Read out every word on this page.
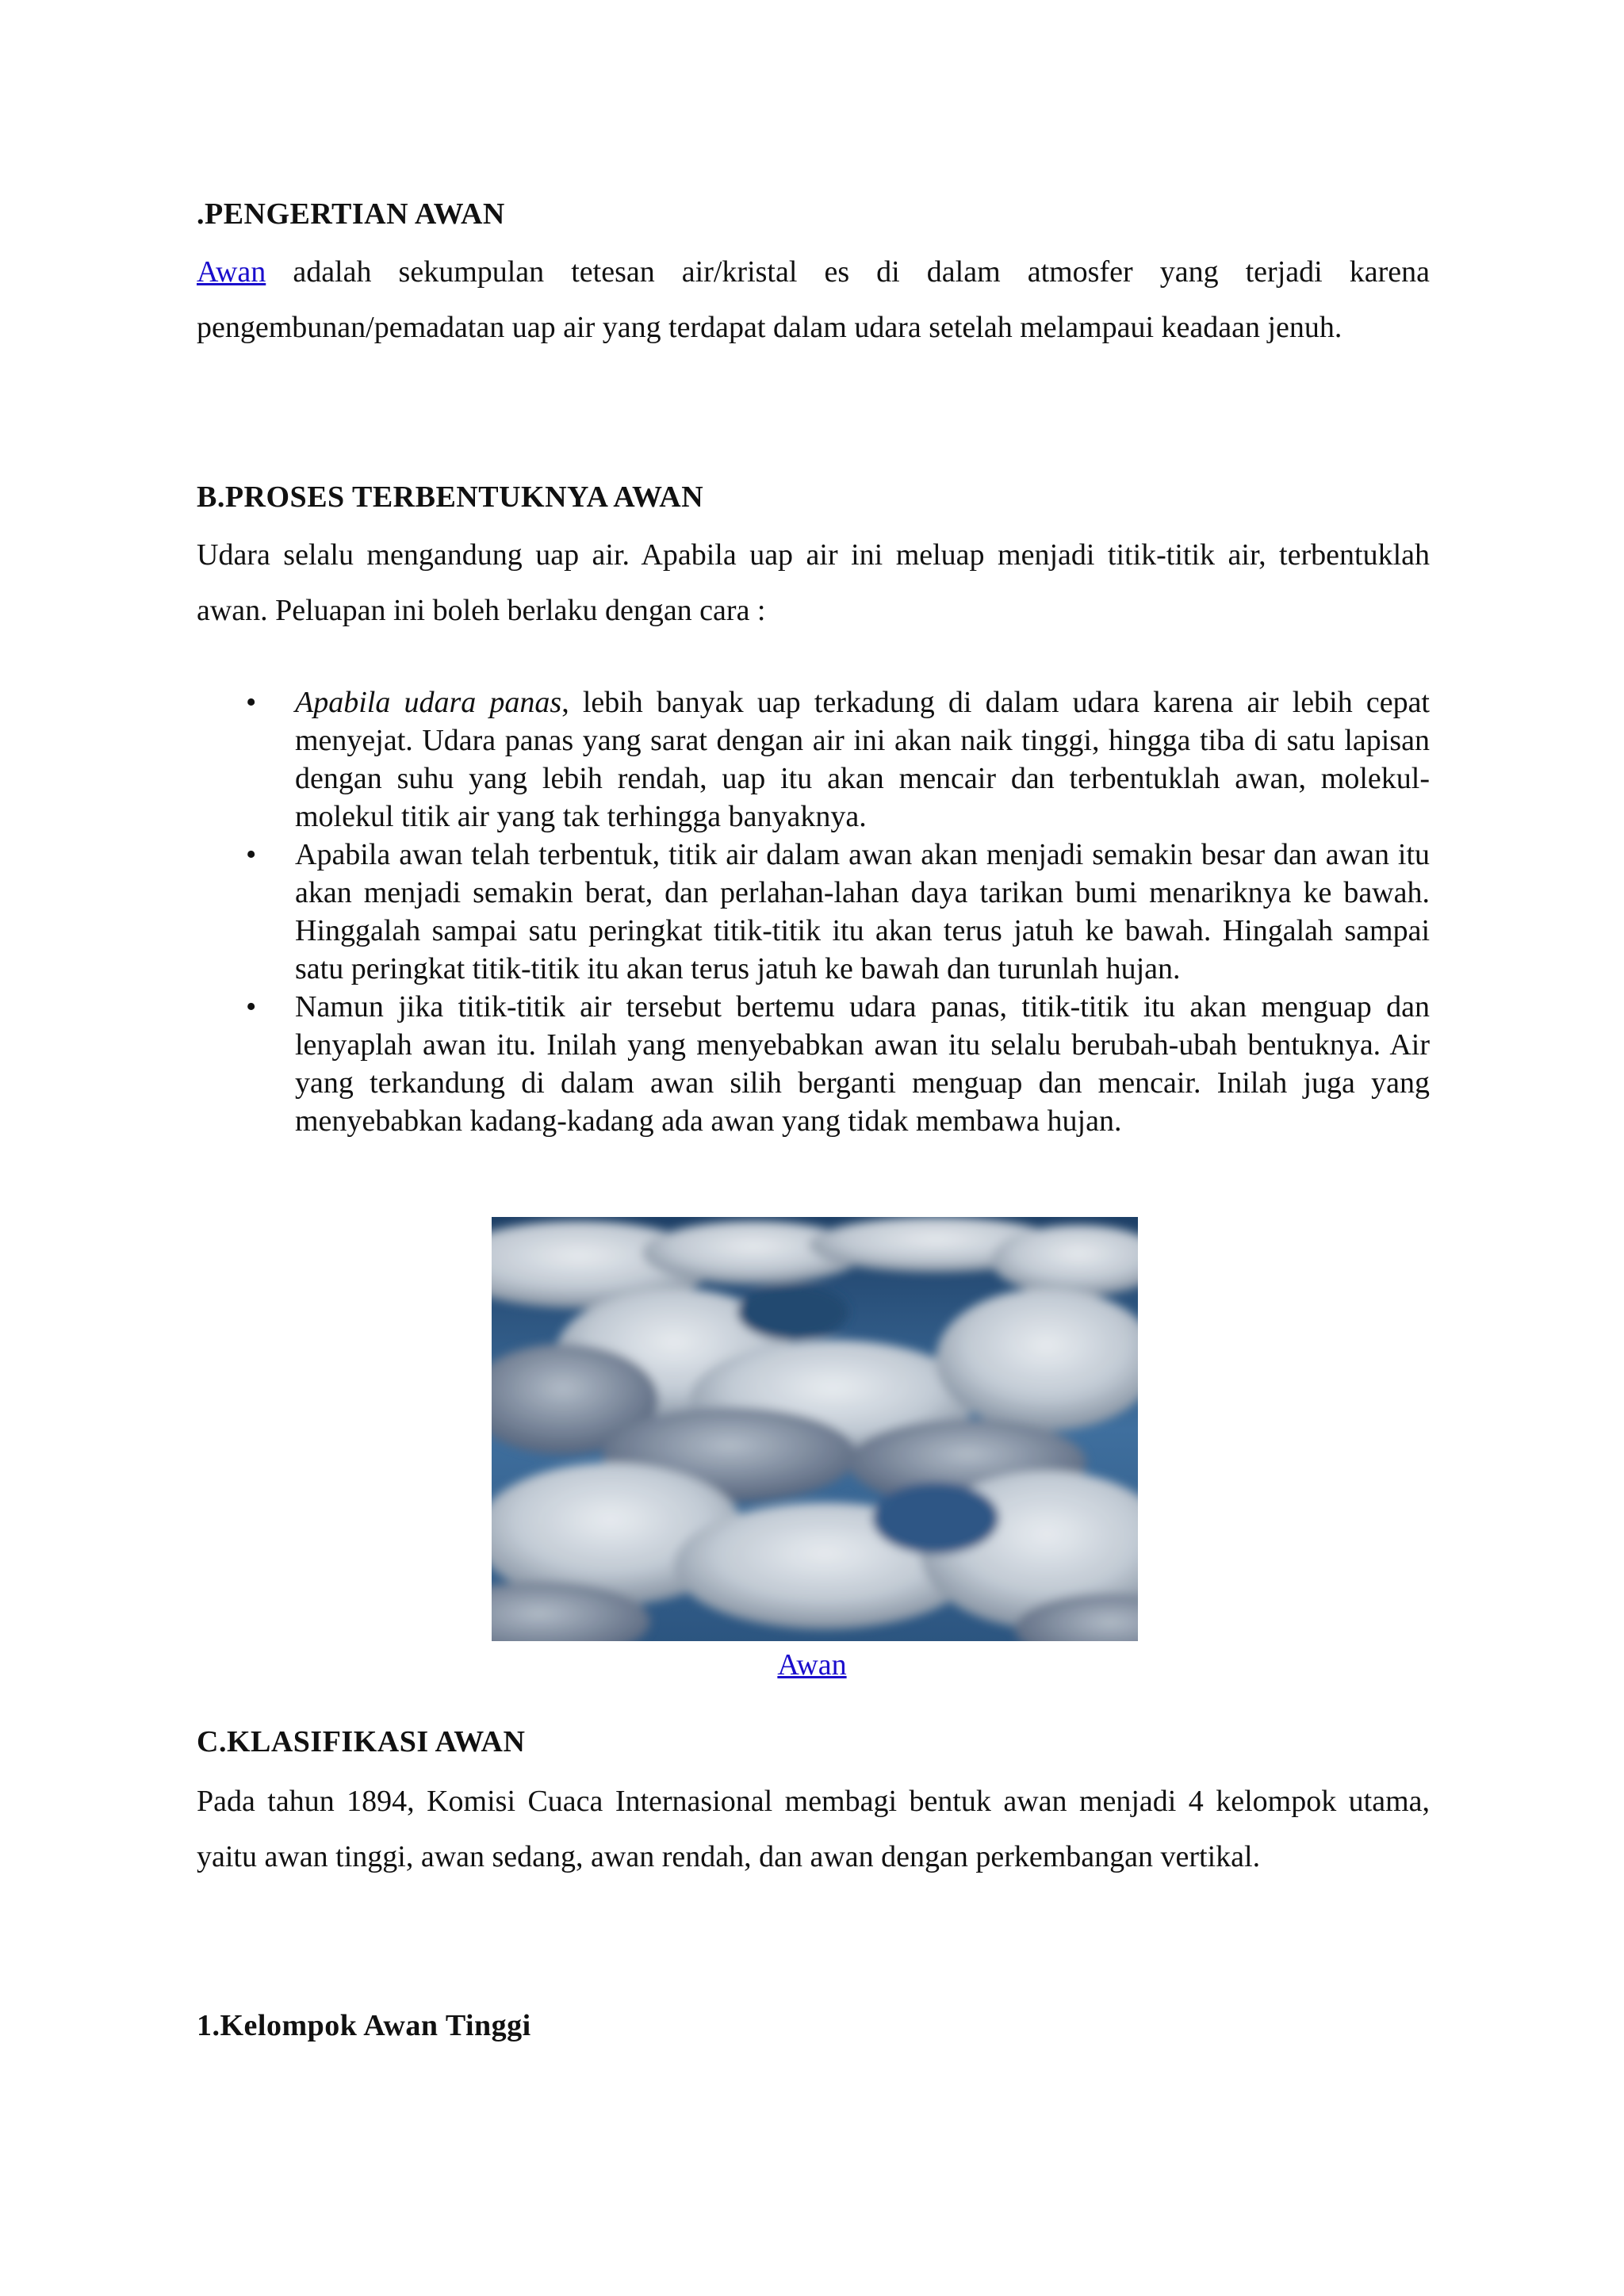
.PENGERTIAN AWAN

Awan adalah sekumpulan tetesan air/kristal es di dalam atmosfer yang terjadi karena pengembunan/pemadatan uap air yang terdapat dalam udara setelah melampaui keadaan jenuh.

B.PROSES TERBENTUKNYA AWAN

Udara selalu mengandung uap air. Apabila uap air ini meluap menjadi titik-titik air, terbentuklah awan. Peluapan ini boleh berlaku dengan cara :

• Apabila udara panas, lebih banyak uap terkadung di dalam udara karena air lebih cepat menyejat. Udara panas yang sarat dengan air ini akan naik tinggi, hingga tiba di satu lapisan dengan suhu yang lebih rendah, uap itu akan mencair dan terbentuklah awan, molekul-molekul titik air yang tak terhingga banyaknya.
• Apabila awan telah terbentuk, titik air dalam awan akan menjadi semakin besar dan awan itu akan menjadi semakin berat, dan perlahan-lahan daya tarikan bumi menariknya ke bawah. Hinggalah sampai satu peringkat titik-titik itu akan terus jatuh ke bawah. Hingalah sampai satu peringkat titik-titik itu akan terus jatuh ke bawah dan turunlah hujan.
• Namun jika titik-titik air tersebut bertemu udara panas, titik-titik itu akan menguap dan lenyaplah awan itu. Inilah yang menyebabkan awan itu selalu berubah-ubah bentuknya. Air yang terkandung di dalam awan silih berganti menguap dan mencair. Inilah juga yang menyebabkan kadang-kadang ada awan yang tidak membawa hujan.
Awan
C.KLASIFIKASI AWAN

Pada tahun 1894, Komisi Cuaca Internasional membagi bentuk awan menjadi 4 kelompok utama, yaitu awan tinggi, awan sedang, awan rendah, dan awan dengan perkembangan vertikal.

1.Kelompok Awan Tinggi
